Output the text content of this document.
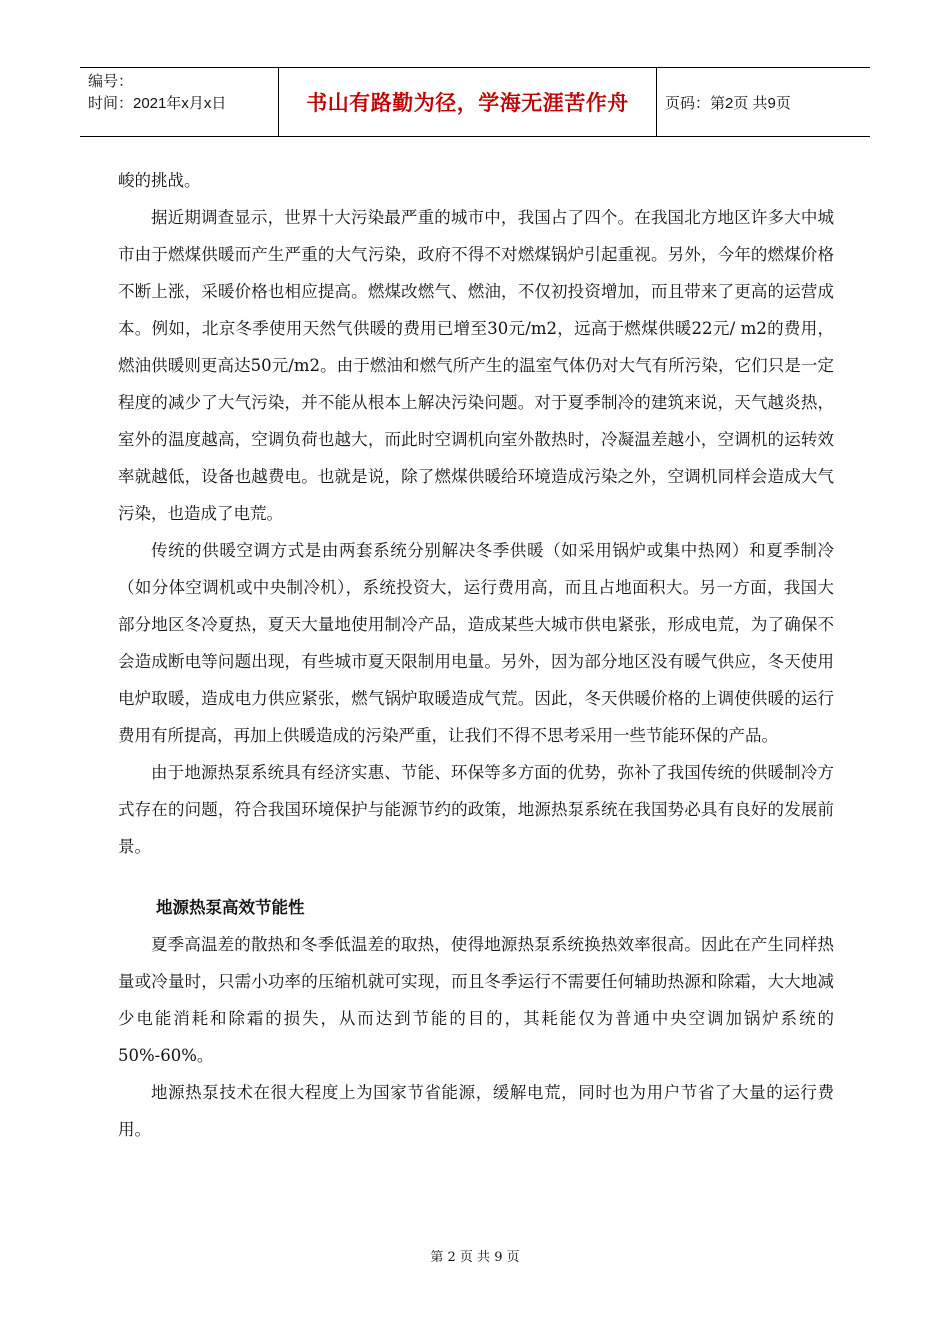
编号：
时间：2021年x月x日	书山有路勤为径，学海无涯苦作舟 页码：第2页 共9页

峻的挑战。

据近期调查显示，世界十大污染最严重的城市中，我国占了四个。在我国北方地区许多大中城市由于燃煤供暖而产生严重的大气污染，政府不得不对燃煤锅炉引起重视。另外，今年的燃煤价格不断上涨，采暖价格也相应提高。燃煤改燃气、燃油，不仅初投资增加，而且带来了更高的运营成本。例如，北京冬季使用天然气供暖的费用已增至30元/m2，远高于燃煤供暖22元/ m2的费用，燃油供暖则更高达50元/m2。由于燃油和燃气所产生的温室气体仍对大气有所污染，它们只是一定程度的减少了大气污染，并不能从根本上解决污染问题。对于夏季制冷的建筑来说，天气越炎热，室外的温度越高，空调负荷也越大，而此时空调机向室外散热时，冷凝温差越小，空调机的运转效率就越低，设备也越费电。也就是说，除了燃煤供暖给环境造成污染之外，空调机同样会造成大气污染，也造成了电荒。

传统的供暖空调方式是由两套系统分别解决冬季供暖（如采用锅炉或集中热网）和夏季制冷（如分体空调机或中央制冷机），系统投资大，运行费用高，而且占地面积大。另一方面，我国大部分地区冬冷夏热，夏天大量地使用制冷产品，造成某些大城市供电紧张，形成电荒，为了确保不会造成断电等问题出现，有些城市夏天限制用电量。另外，因为部分地区没有暖气供应，冬天使用电炉取暖，造成电力供应紧张，燃气锅炉取暖造成气荒。因此，冬天供暖价格的上调使供暖的运行费用有所提高，再加上供暖造成的污染严重，让我们不得不思考采用一些节能环保的产品。

由于地源热泵系统具有经济实惠、节能、环保等多方面的优势，弥补了我国传统的供暖制冷方式存在的问题，符合我国环境保护与能源节约的政策，地源热泵系统在我国势必具有良好的发展前景。

地源热泵高效节能性

夏季高温差的散热和冬季低温差的取热，使得地源热泵系统换热效率很高。因此在产生同样热量或冷量时，只需小功率的压缩机就可实现，而且冬季运行不需要任何辅助热源和除霜，大大地减少电能消耗和除霜的损失，从而达到节能的目的，其耗能仅为普通中央空调加锅炉系统的50%-60%。

地源热泵技术在很大程度上为国家节省能源，缓解电荒，同时也为用户节省了大量的运行费用。

第 2 页 共 9 页
